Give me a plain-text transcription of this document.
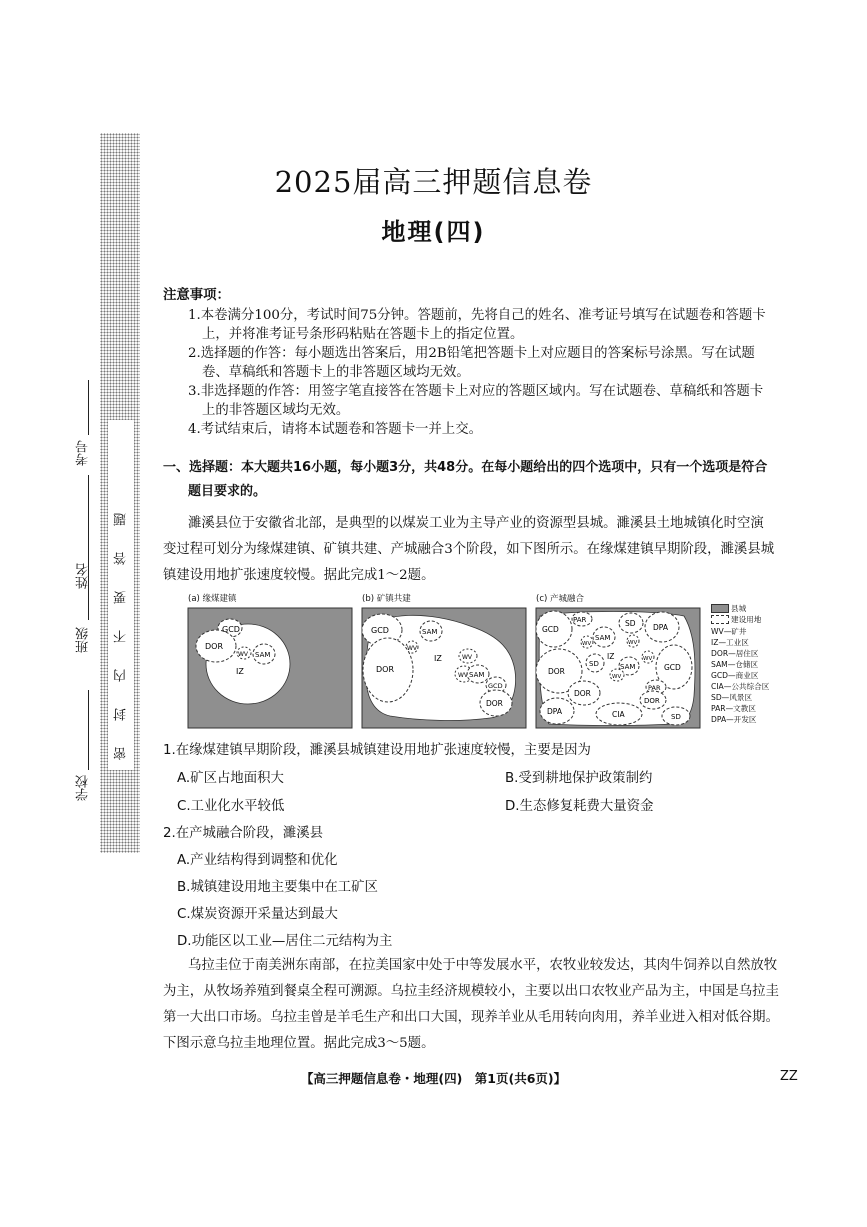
密封内不要答题
学校
班级
姓名
考号
2025届高三押题信息卷
地理(四)
注意事项：
1.本卷满分100分，考试时间75分钟。答题前，先将自己的姓名、准考证号填写在试题卷和答题卡
上，并将准考证号条形码粘贴在答题卡上的指定位置。
2.选择题的作答：每小题选出答案后，用2B铅笔把答题卡上对应题目的答案标号涂黑。写在试题
卷、草稿纸和答题卡上的非答题区域均无效。
3.非选择题的作答：用签字笔直接答在答题卡上对应的答题区域内。写在试题卷、草稿纸和答题卡
上的非答题区域均无效。
4.考试结束后，请将本试题卷和答题卡一并上交。
一、选择题：本大题共16小题，每小题3分，共48分。在每小题给出的四个选项中，只有一个选项是符合
题目要求的。
濉溪县位于安徽省北部，是典型的以煤炭工业为主导产业的资源型县城。濉溪县土地城镇化时空演
变过程可划分为缘煤建镇、矿镇共建、产城融合3个阶段，如下图所示。在缘煤建镇早期阶段，濉溪县城
镇建设用地扩张速度较慢。据此完成1～2题。
(a) 缘煤建镇	(b) 矿镇共建	(c) 产城融合
GCD
DOR
WV SAM
IZ
GCD	SAM
WV
DOR
IZ	WV
WV SAM
GCD
DOR
GCD
PAR
SAM
WV
SD DPA
WV
IZ
DOR
SD	SAM
WV
GCD
WV
DOR
PAR
DOR
DPA	CIA	SD
县城
建设用地
WV—矿井
IZ—工业区
DOR—居住区
SAM—仓储区
GCD—商业区
CIA—公共综合区
SD—风景区
PAR—文教区
DPA—开发区
1.在缘煤建镇早期阶段，濉溪县城镇建设用地扩张速度较慢，主要是因为
A.矿区占地面积大	B.受到耕地保护政策制约
C.工业化水平较低	D.生态修复耗费大量资金
2.在产城融合阶段，濉溪县
A.产业结构得到调整和优化
B.城镇建设用地主要集中在工矿区
C.煤炭资源开采量达到最大
D.功能区以工业—居住二元结构为主
乌拉圭位于南美洲东南部，在拉美国家中处于中等发展水平，农牧业较发达，其肉牛饲养以自然放牧
为主，从牧场养殖到餐桌全程可溯源。乌拉圭经济规模较小，主要以出口农牧业产品为主，中国是乌拉圭
第一大出口市场。乌拉圭曾是羊毛生产和出口大国，现养羊业从毛用转向肉用，养羊业进入相对低谷期。
下图示意乌拉圭地理位置。据此完成3～5题。
【高三押题信息卷・地理(四)　第1页(共6页)】	ZZ
